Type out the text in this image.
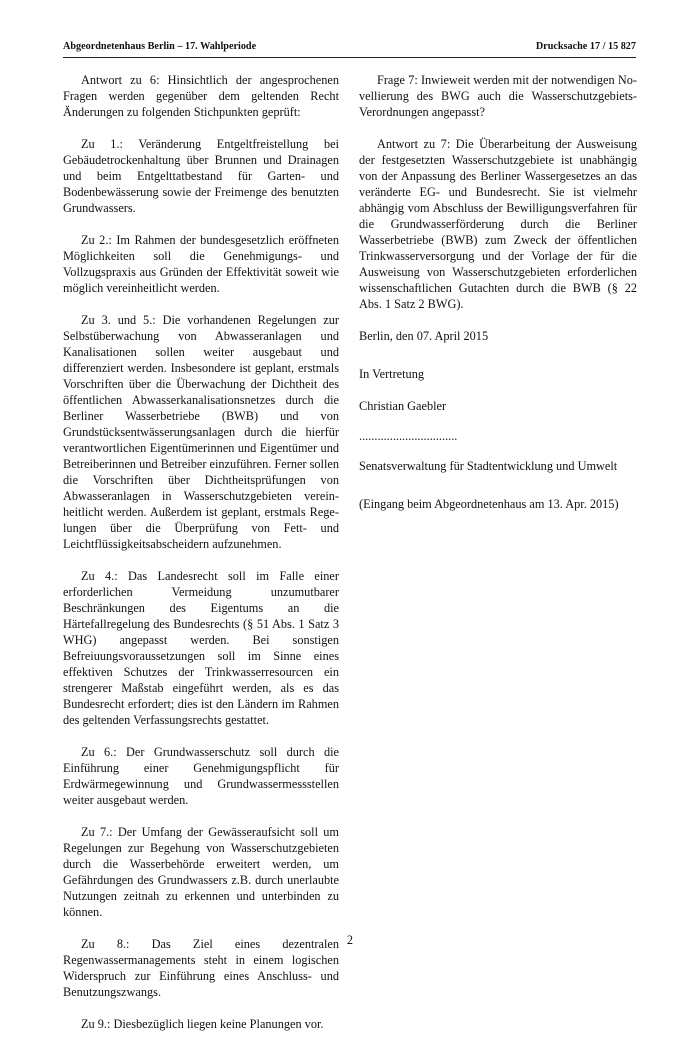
Abgeordnetenhaus Berlin – 17. Wahlperiode	Drucksache 17 / 15 827

Antwort zu 6: Hinsichtlich der angesprochenen Fragen werden gegenüber dem geltenden Recht Änderungen zu folgenden Stichpunkten geprüft:

Zu 1.: Veränderung Entgeltfreistellung bei Gebäudetrockenhaltung über Brunnen und Drainagen und beim Entgelttatbestand für Garten- und Bodenbewässerung sowie der Freimenge des benutzten Grundwassers.

Zu 2.: Im Rahmen der bundesgesetzlich eröffneten Möglichkeiten soll die Genehmigungs- und Vollzugspraxis aus Gründen der Effektivität soweit wie möglich vereinheitlicht werden.

Zu 3. und 5.: Die vorhandenen Regelungen zur Selbstüberwachung von Abwasseranlagen und Kanalisationen sollen weiter ausgebaut und differenziert werden. Insbesondere ist geplant, erstmals Vorschriften über die Überwachung der Dichtheit des öffentlichen Abwasserkanalisationsnetzes durch die Berliner Wasserbetriebe (BWB) und von Grundstücksentwässerungsanlagen durch die hierfür verantwortlichen Eigentümerinnen und Eigentümer und Betreiberinnen und Betreiber einzuführen. Ferner sollen die Vorschriften über Dichtheitsprüfungen von Abwasseranlagen in Wasserschutzgebieten vereinheitlicht werden. Außerdem ist geplant, erstmals Regelungen über die Überprüfung von Fett- und Leichtflüssigkeitsabscheidern aufzunehmen.

Zu 4.: Das Landesrecht soll im Falle einer erforderlichen Vermeidung unzumutbarer Beschränkungen des Eigentums an die Härtefallregelung des Bundesrechts (§ 51 Abs. 1 Satz 3 WHG) angepasst werden. Bei sonstigen Befreiuungsvoraussetzungen soll im Sinne eines effektiven Schutzes der Trinkwasserresourcen ein strengerer Maßstab eingeführt werden, als es das Bundesrecht erfordert; dies ist den Ländern im Rahmen des geltenden Verfassungsrechts gestattet.

Zu 6.: Der Grundwasserschutz soll durch die Einführung einer Genehmigungspflicht für Erdwärmegewinnung und Grundwassermessstellen weiter ausgebaut werden.

Zu 7.: Der Umfang der Gewässeraufsicht soll um Regelungen zur Begehung von Wasserschutzgebieten durch die Wasserbehörde erweitert werden, um Gefährdungen des Grundwassers z.B. durch unerlaubte Nutzungen zeitnah zu erkennen und unterbinden zu können.

Zu 8.: Das Ziel eines dezentralen Regenwassermanagements steht in einem logischen Widerspruch zur Einführung eines Anschluss- und Benutzungszwangs.

Zu 9.: Diesbezüglich liegen keine Planungen vor.

Frage 7: Inwieweit werden mit der notwendigen Novellierung des BWG auch die Wasserschutzgebiets-Verordnungen angepasst?

Antwort zu 7: Die Überarbeitung der Ausweisung der festgesetzten Wasserschutzgebiete ist unabhängig von der Anpassung des Berliner Wassergesetzes an das veränderte EG- und Bundesrecht. Sie ist vielmehr abhängig vom Abschluss der Bewilligungsverfahren für die Grundwasserförderung durch die Berliner Wasserbetriebe (BWB) zum Zweck der öffentlichen Trinkwasserversorgung und der Vorlage der für die Ausweisung von Wasserschutzgebieten erforderlichen wissenschaftlichen Gutachten durch die BWB (§ 22 Abs. 1 Satz 2 BWG).

Berlin, den 07. April 2015

In Vertretung

Christian Gaebler

................................

Senatsverwaltung für Stadtentwicklung und Umwelt

(Eingang beim Abgeordnetenhaus am 13. Apr. 2015)

2
